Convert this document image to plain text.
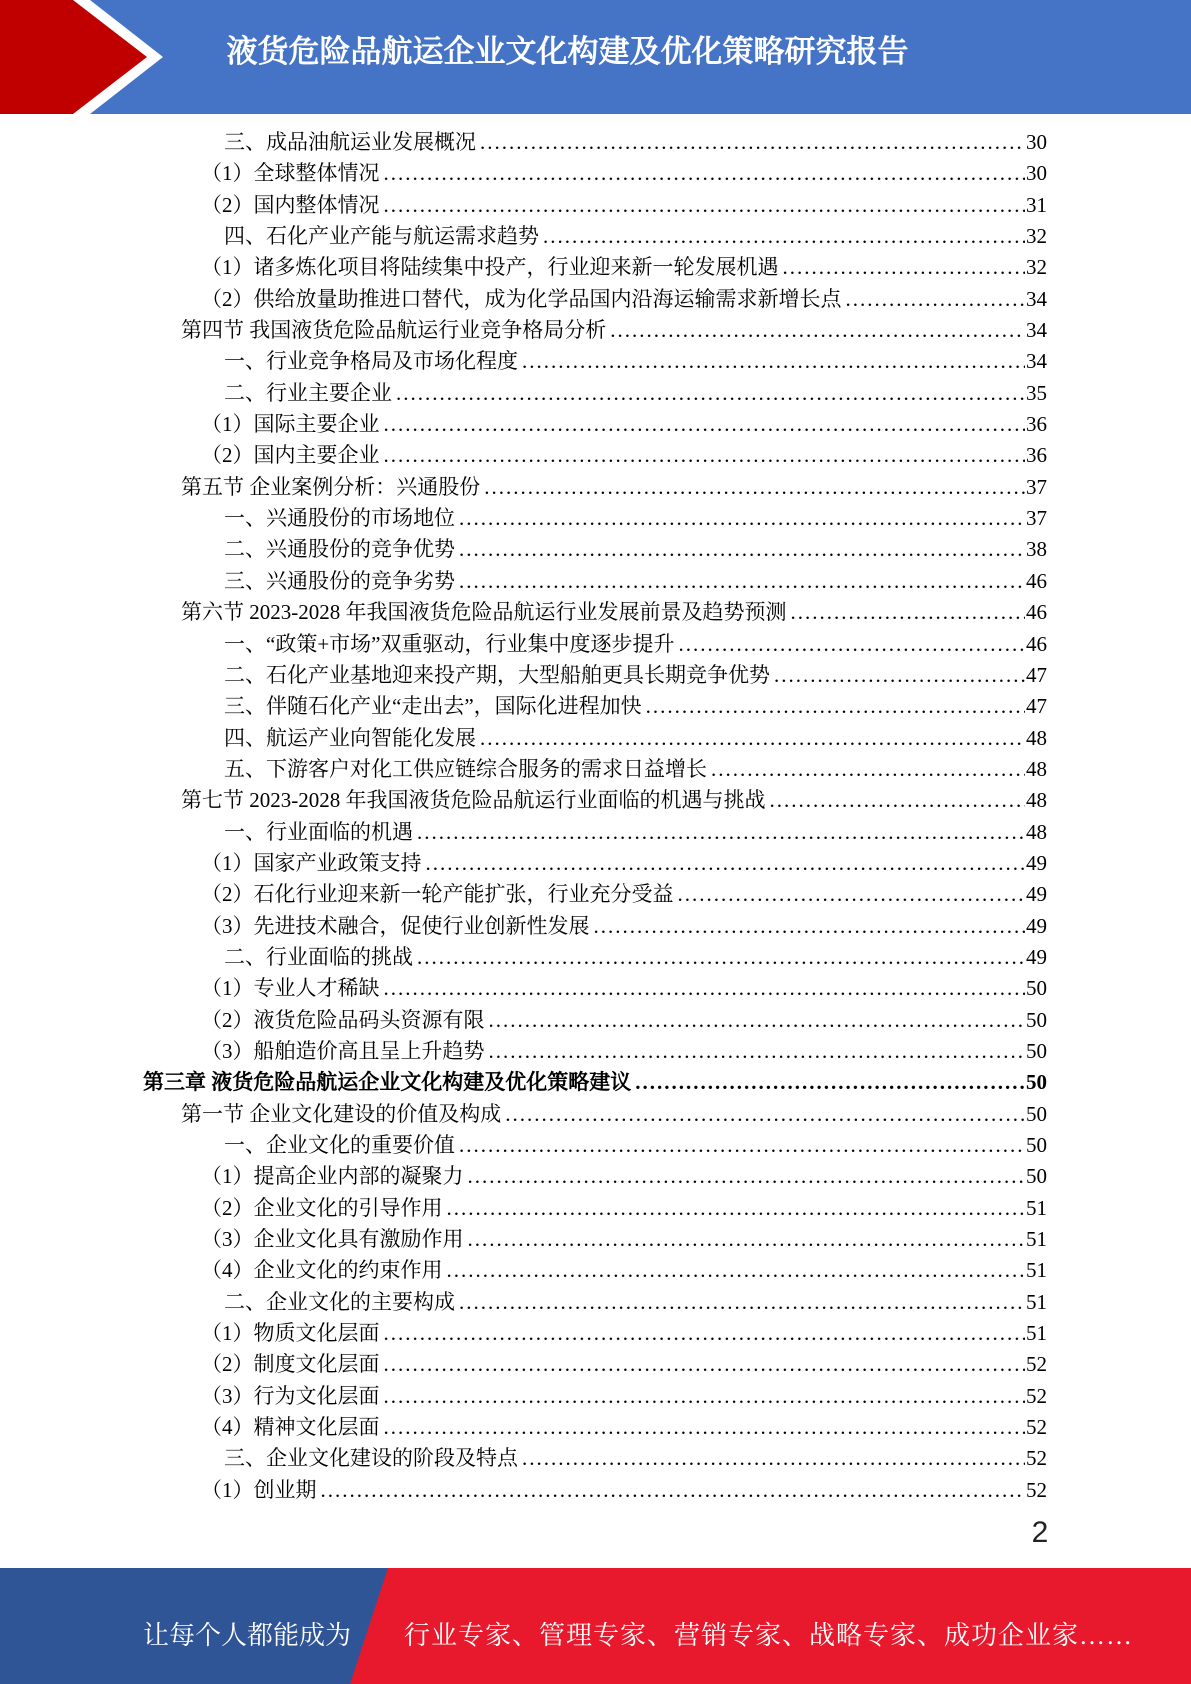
液货危险品航运企业文化构建及优化策略研究报告
三、成品油航运业发展概况 .....	30
（1）全球整体情况 .....	30
（2）国内整体情况 .....	31
四、石化产业产能与航运需求趋势 .....	32
（1）诸多炼化项目将陆续集中投产，行业迎来新一轮发展机遇 .....	32
（2）供给放量助推进口替代，成为化学品国内沿海运输需求新增长点 .....	34
第四节 我国液货危险品航运行业竞争格局分析 .....	34
一、行业竞争格局及市场化程度 .....	34
二、行业主要企业 .....	35
（1）国际主要企业 .....	36
（2）国内主要企业 .....	36
第五节 企业案例分析：兴通股份 .....	37
一、兴通股份的市场地位 .....	37
二、兴通股份的竞争优势 .....	38
三、兴通股份的竞争劣势 .....	46
第六节 2023-2028 年我国液货危险品航运行业发展前景及趋势预测 .....	46
一、“政策+市场”双重驱动，行业集中度逐步提升 .....	46
二、石化产业基地迎来投产期，大型船舶更具长期竞争优势 .....	47
三、伴随石化产业“走出去”，国际化进程加快 .....	47
四、航运产业向智能化发展 .....	48
五、下游客户对化工供应链综合服务的需求日益增长 .....	48
第七节 2023-2028 年我国液货危险品航运行业面临的机遇与挑战 .....	48
一、行业面临的机遇 .....	48
（1）国家产业政策支持 .....	49
（2）石化行业迎来新一轮产能扩张，行业充分受益 .....	49
（3）先进技术融合，促使行业创新性发展 .....	49
二、行业面临的挑战 .....	49
（1）专业人才稀缺 .....	50
（2）液货危险品码头资源有限 .....	50
（3）船舶造价高且呈上升趋势 .....	50
第三章 液货危险品航运企业文化构建及优化策略建议 .....	50
第一节 企业文化建设的价值及构成 .....	50
一、企业文化的重要价值 .....	50
（1）提高企业内部的凝聚力 .....	50
（2）企业文化的引导作用 .....	51
（3）企业文化具有激励作用 .....	51
（4）企业文化的约束作用 .....	51
二、企业文化的主要构成 .....	51
（1）物质文化层面 .....	51
（2）制度文化层面 .....	52
（3）行为文化层面 .....	52
（4）精神文化层面 .....	52
三、企业文化建设的阶段及特点 .....	52
（1）创业期 .....	52
2
让每个人都能成为 行业专家、管理专家、营销专家、战略专家、成功企业家……
